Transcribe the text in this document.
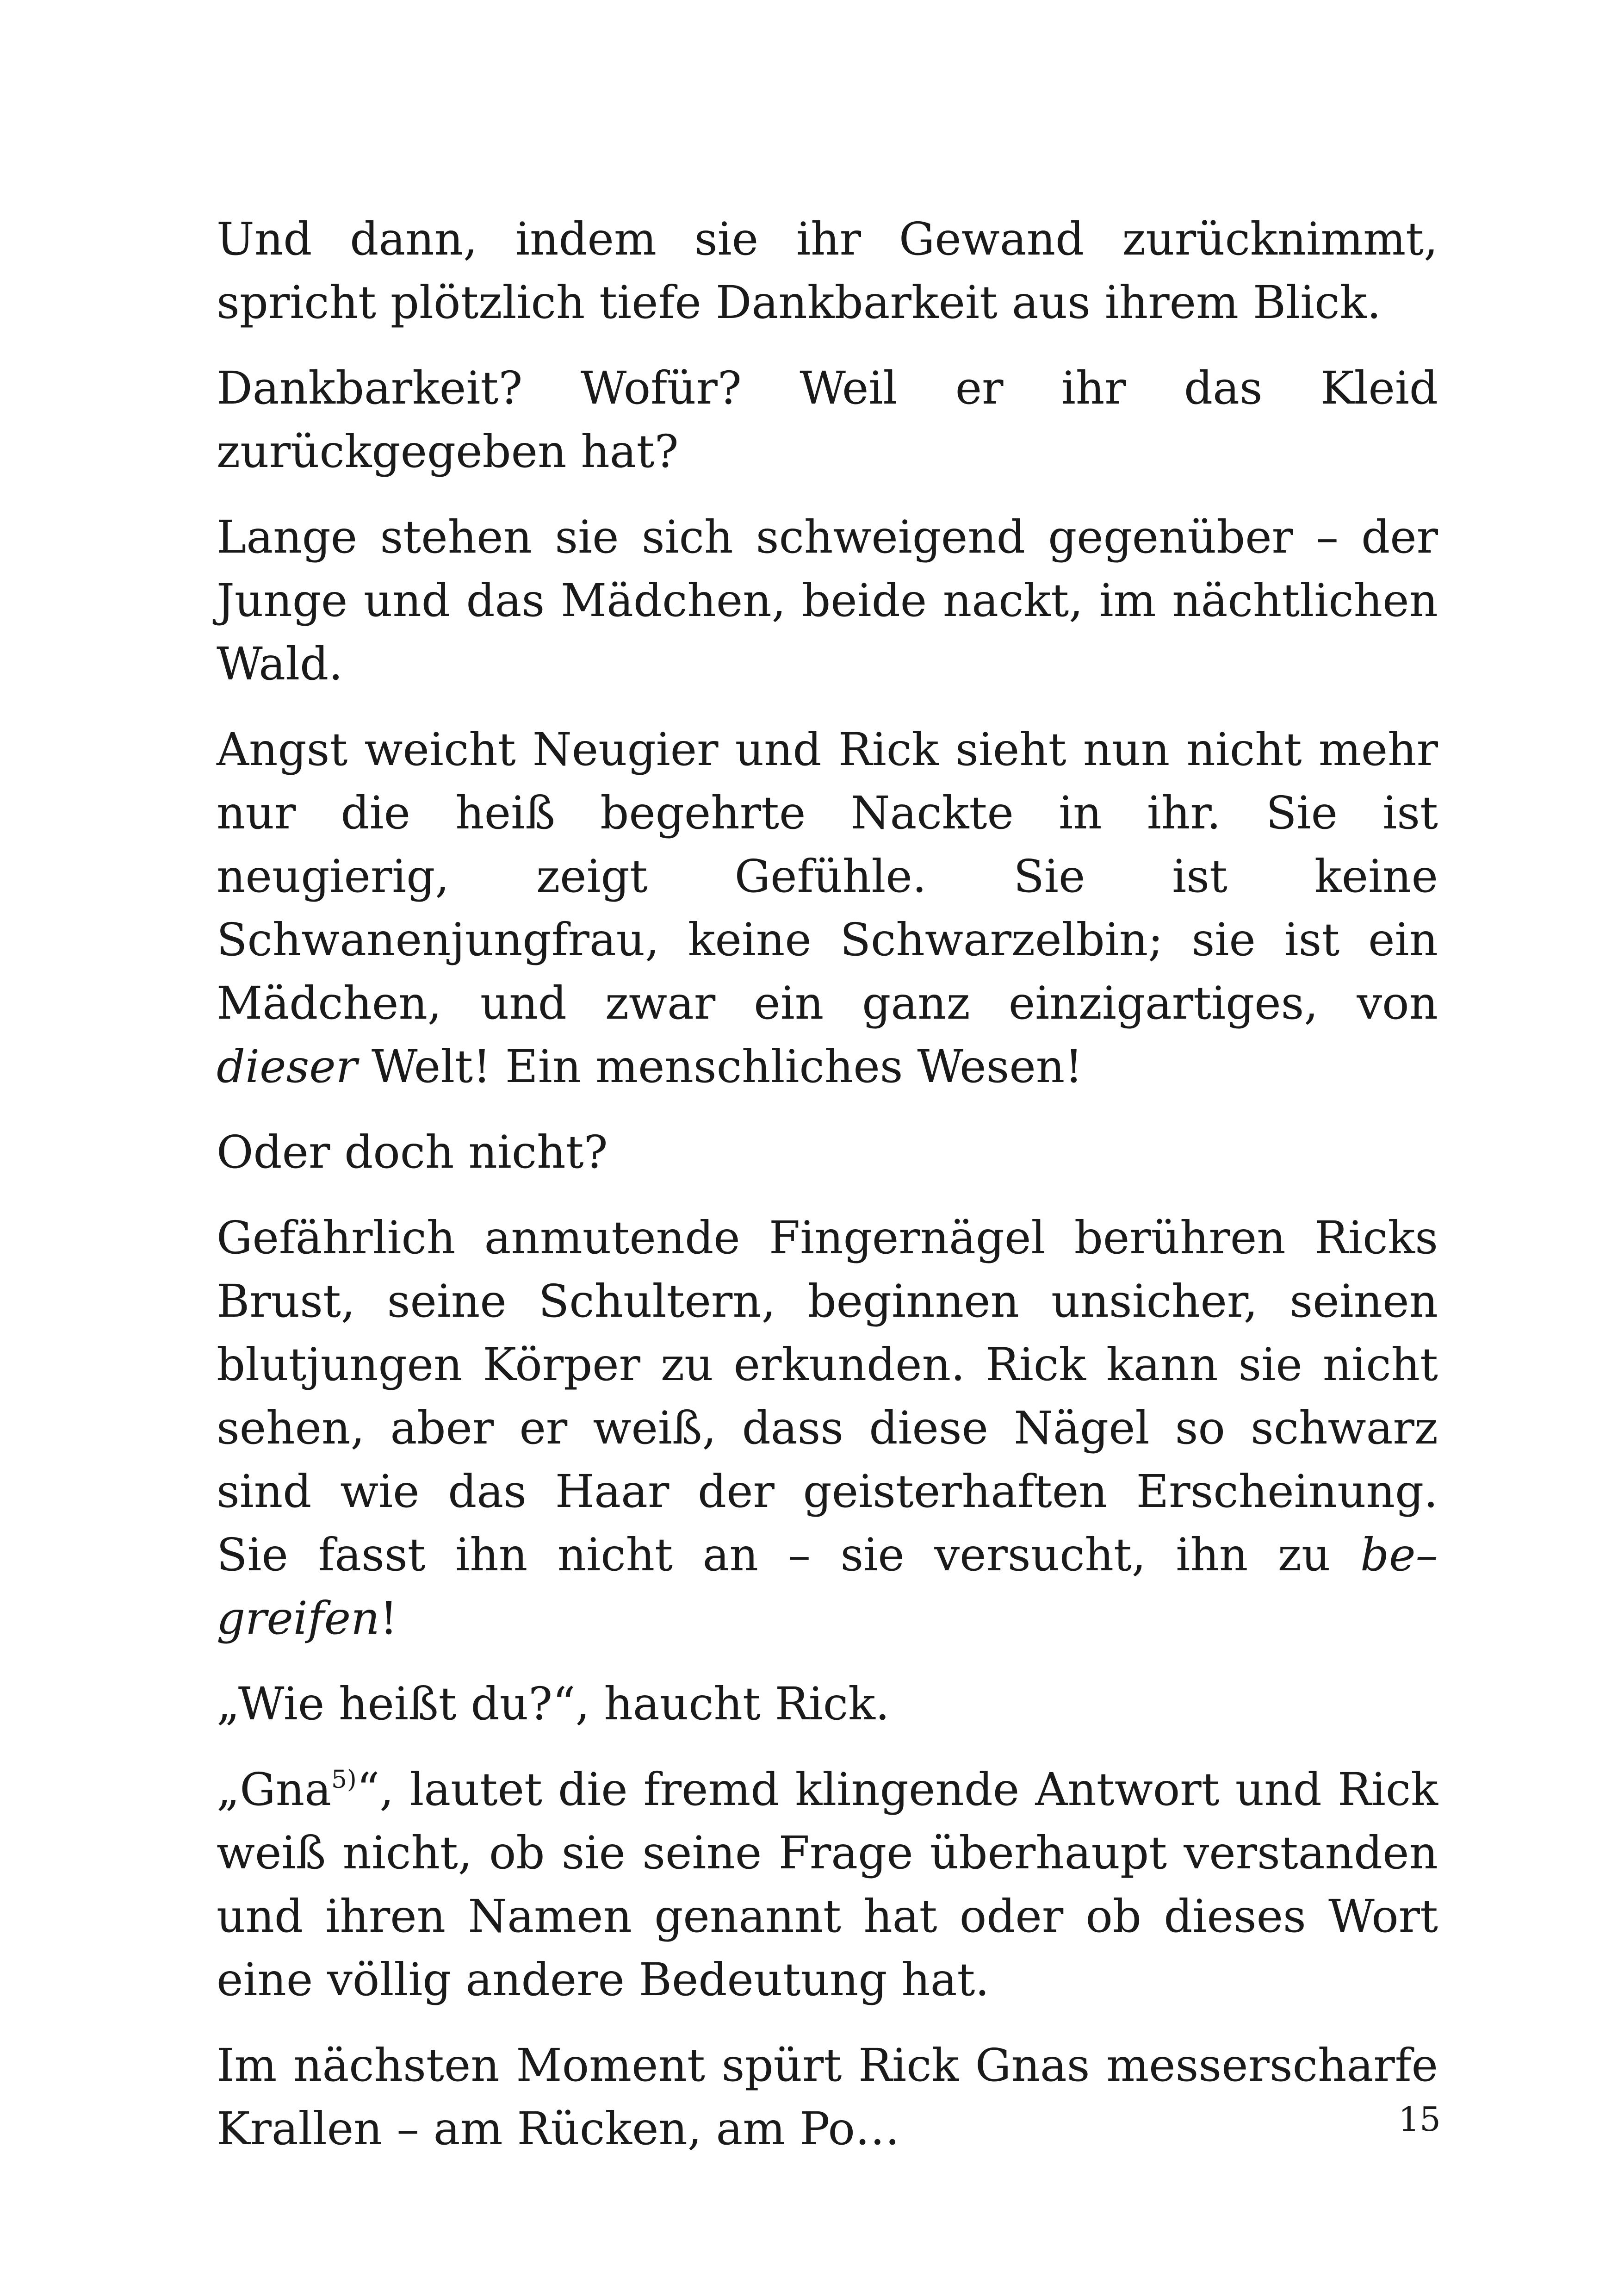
Und dann, indem sie ihr Gewand zurücknimmt, spricht plötzlich tiefe Dankbarkeit aus ihrem Blick.

Dankbarkeit? Wofür? Weil er ihr das Kleid zurückgegeben hat?

Lange stehen sie sich schweigend gegenüber – der Junge und das Mädchen, beide nackt, im nächtlichen Wald.

Angst weicht Neugier und Rick sieht nun nicht mehr nur die heiß begehrte Nackte in ihr. Sie ist neugierig, zeigt Gefühle. Sie ist keine Schwanenjungfrau, keine Schwarzelbin; sie ist ein Mädchen, und zwar ein ganz einzigartiges, von dieser Welt! Ein menschliches Wesen!

Oder doch nicht?

Gefährlich anmutende Fingernägel berühren Ricks Brust, seine Schultern, beginnen unsicher, seinen blutjungen Körper zu erkunden. Rick kann sie nicht sehen, aber er weiß, dass diese Nägel so schwarz sind wie das Haar der geisterhaften Erscheinung. Sie fasst ihn nicht an – sie versucht, ihn zu be–greifen!

„Wie heißt du?“, haucht Rick.

„Gna$^{5)}$“, lautet die fremd klingende Antwort und Rick weiß nicht, ob sie seine Frage überhaupt verstanden und ihren Namen genannt hat oder ob dieses Wort eine völlig andere Bedeutung hat.

Im nächsten Moment spürt Rick Gnas messerscharfe Krallen – am Rücken, am Po…	15
